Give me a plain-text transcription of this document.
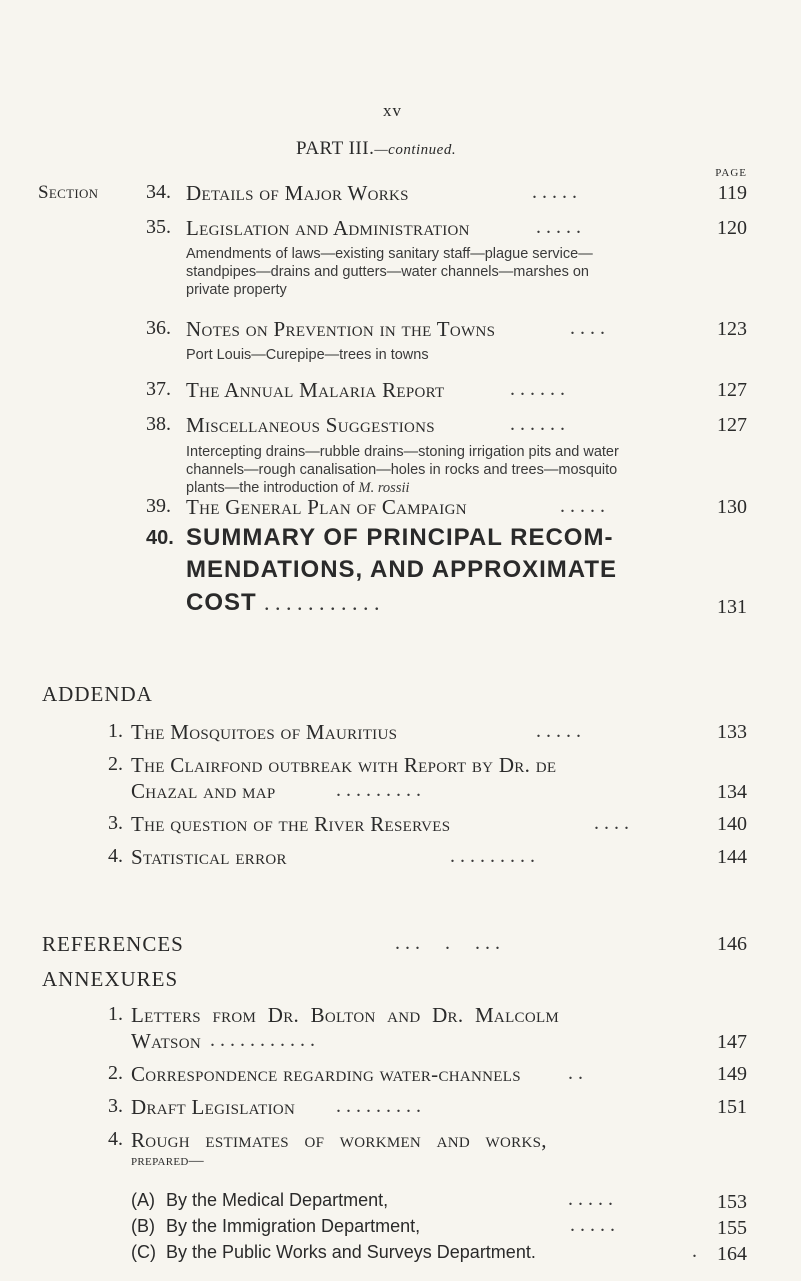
xv
PART III.—continued.
PAGE
Section 34. Details of Major Works	. . . . .	119
35. Legislation and Administration	. . . . .	120
Amendments of laws—existing sanitary staff—plague service—standpipes—drains and gutters—water channels—marshes on private property
36. Notes on Prevention in the Towns	. . . .	123
Port Louis—Curepipe—trees in towns
37. The Annual Malaria Report	. . . . . .	127
38. Miscellaneous Suggestions	. . . . . .	127
Intercepting drains—rubble drains—stoning irrigation pits and water channels—rough canalisation—holes in rocks and trees—mosquito plants—the introduction of M. rossii
39. The General Plan of Campaign	. . . . .	130
40. SUMMARY OF PRINCIPAL RECOM-
MENDATIONS, AND APPROXIMATE
COST . . . . . . . . . . .	131
ADDENDA
1. The Mosquitoes of Mauritius	. . . . .	133
2. The Clairfond outbreak with Report by Dr. de
Chazal and map	. . . . . . . . .	134
3. The question of the River Reserves	. . . .	140
4. Statistical error	. . . . . . . . .	144
REFERENCES	. . .     .     . . .	146
ANNEXURES
1. Letters from Dr. Bolton and Dr. Malcolm
Watson . . . . . . . . . . .	147
2. Correspondence regarding water-channels . .	149
3. Draft Legislation . . . . . . . . .	151
4. Rough estimates of workmen and works,
prepared—
(A) By the Medical Department,	. . . . .	153
(B) By the Immigration Department,	. . . . .	155
(C) By the Public Works and Surveys Department.	.	164
